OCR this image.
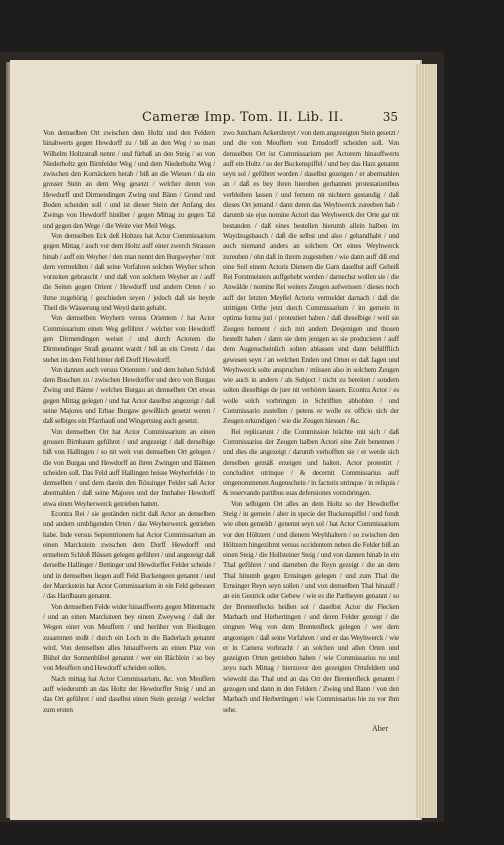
Cameræ Imp. Tom. II. Lib. II.	35

Von demselben Ort zwischen dem Holtz und den Feldern hinabwerts gegen Hewdorff zu / biß an den Weg / so man Wilhelm Holtzstraß nennt / und fürbaß an den Steig / so von Niederholtz gen Birnfelder Weg / und dem Niederholtz Weg / zwischen den Kornäckern herab / biß an die Wiesen / da ein grosser Stein an dem Weg gesetzt / welcher deren von Hewdorff und Dirmendingen Zwing und Bänn / Grund und Boden scheiden soll / und ist dieser Stein der Anfang des Zwings von Hewdorff hinüber / gegen Mittag zu gegen Tal und gegen den Wege / die Weite vier Meil Wegs.

Von demselben Eck deß Holtzes hat Actor Commissarium gegen Mittag / auch vor dem Holtz auff einer zwerch Strassen hinab / auff ein Weyher / den man nennt den Burgweyher / mit dem vermeldten / daß seine Vorfahren solchen Weyher schon vorzeiten gebraucht / und daß von solchem Weyher an / auff die Seiten gegen Orient / Hewdorff und andern Orten / so ihme zugehörig / geschieden seyen / jedoch daß sie beyde Theil die Wässerung und Weyd darin gehabt.

Von demselben Weyhern versus Orientem / hat Actor Commissarium einen Weg geführet / welcher von Hewdorff gen Dirmendingen weiset / und durch Actorem die Dirmendinger Straß genannt wardt / biß an ein Creutz / das stehet im dem Feld hinter deß Dorff Hewdorff.

Von dannen auch versus Orientem / und dem hohen Schloß dem Buschen zu / zwischen Hewdorffer und dero von Burgau Zwing und Bänne / welches Burgau an demselben Ort etwas gegen Mittag gelegen / und hat Actor daselbst angezeigt / daß seine Majores und Erbae Burgaw gewißlich gesetzt weren / daß selbiges ein Pfarrhauß und Wingertsteg auch gesetzt.

Von demselben Ort hat Actor Commissarium an einen grossen Birnbaum geführet / und angezeigt / daß derselbige biß von Hallingen / so nit weit von demselben Ort gelegen / die von Burgau und Hewdorff an ihren Zwingen und Bännen scheiden soll. Das Feld auff Hallingen heisse Weyherfelde / in demselben / und dem darein den Rössinger Felder saß Actor abermahlen / daß seine Majores und der Innhaber Hewdorff etwa einen Weyherwerck getrieben hatten.

Econtra Rei / sie geständen nicht daß Actor an denselben und andern umbligenden Orten / das Weyherwerck getrieben habe. Inde versus Septentrionem hat Actor Commissarium an einen Marckstein zwischen dem Dorff Hewdorff und ermeltem Schloß Büssen gelegen geführet / und angezeigt daß derselbe Hallinger / Bettinger und Hewdorffer Felder scheide / und in demselben liegen auff Feld Buckengeen genannt / und der Marckstein hat Actor Commissarium in ein Feld gebessert / das Hardbaum genannt.

Von demselben Felde wider hinauffwerts gegen Mitternacht / und an einen Marcksteen bey einem Zweyweg / daß der Wegen einer von Meuffern / und herüber von Riedingen zusammen stoßt / durch ein Loch in die Baderlach genannt wird. Von demselben alles hinauffwerts an einen Plaz von Bühel der Sonnenbühel genannt / wer ein Bächlein / so bey von Meuffern und Hewdorff scheiden sollen.

Nach mittag hat Actor Commissarium, &c. von Meuffern auff wiederumb an das Holtz der Hewdorffer Steig / und an das Ort geführet / und daselbst einen Stein gezeigt / welcher zum ersten

zwo Juncharn Ackersbreyt / von dem angezeigten Stein gesetzt / und die von Meuffern von Ernsdorff scheiden soll. Von demselben Ort ist Commissarium per Actorem hinauffwerts auff ein Holtz / so der Buckenspiffel / und bey das Harz genannt seyn sol / geführet worden / daselbst gezeigen / er abermahlen an / daß es bey ihren hieroben gerhannen protestationibus verbleiben lassen / und fernem nit nichtern gestandig / daß dieses Ort jemand / dann deren das Weyhwerck zureeben hab / darumb sie ejus nomine Actori das Weyhwerck der Orte gar nit bestanden / daß eines bestellen hierumb allein halben im Waydzugsbauch / daß die selbst und also / gehandhabt / und auch niemand anders an solchem Ort eines Weyhwerck zureuben / ohn daß in ihrem zugestehen / wie dann auff diß end eine Seil einem Actoris Dienern die Garn daselbst auff Geheiß Rei Forstmeisters auffgehebt werden / darnechst wollen sie / die Anwälde / nomine Rei weiters Zeugen aufweissen / dieses noch auff der letzten Meyßel Actoris vermeldet darnach / daß die strittigen Orthe jetzt durch Commissarium / im gemein in optima forma juri / protestiert haben / daß dieselbige / weil sie Zeugen bennent / sich mit andern Desjenigen und thosen bestellt haben / dann sie dem jenigen so sie producieret / auff dem Augenscheinlich solten ablassen und dann behilfflich gewesen seyn / an welchen Enden und Orten er daß Jagen und Weyhwerck solte anspruchen / müssen also in solchem Zeugen wie auch in andern / als Subject / nicht zu bereiten / sondern solten dieselbige de jure nit verhören lassen. Econtra Actor / es wolle solch vorbringen in Schrifften abhoblen / und Commissario zustellen / petens er wolle ex officio sich der Zeugen erkundigen / wie die Zeugen hiessen / &c.

Rei replicarunt / die Commission brächte mit sich / daß Commissarius der Zeugen halben Actori eine Zeit benennen / und dies die angezeigt / darumb verhofften sie / er werde sich derselben gemäß erzeigen und halten. Actor protestirt / concludiret utrinque / & decernit Commissarius auff eingenommenen Augenschein / in facturis utrinque / in reliquis / & reservando partibus suas defensiones vorzubringen.

Von selbigem Ort alles an dem Holtz so der Hewdorffer Steig / in gemein / aber in specie der Buckenspiffel / und fondt wie oben gemeldt / genennt seyn sol / hat Actor Commissarium vor den Höltzern / und dienem Weyhhaltern / so zwischen den Höltzern hingezihmt versus occidentem neben die Felder biß an einen Steig / die Hollsteiner Steig / und von dannen hinab in ein Thal geführet / und darneben die Reyn gezeigt / die an dem Thal hinumb gegen Ernsingen gelegen / und zum Thal die Ernsinger Reyn seyn sollen / und von demselben Thal hinauff / an ein Gestrick oder Gebew / wie es die Partheyen genannt / so der Brentenflecks heißen sol / daselbst Actor die Flecken Marbach und Herbertingen / und deren Felder gezeigt / die eingnen Weg von dem Brentenfleck gelegen / wer dem angezeigen / daß seine Vorfahren / und er das Weyhwerck / wie er in Camera vorbracht / an solchen und allen Orten und gezeigten Orten getrieben haben / wie Commissarius nu und zeyo nach Mittag / hierzuvor den gezeigten Ortsfeldern und wiewohl das Thal und an das Ort der Brentenfleck genannt / gezogen und dann in den Feldern / Zwing und Bann / von den Marbach und Herbertingen / wie Commissarius hie zu vor ihm sehe.

Aber
